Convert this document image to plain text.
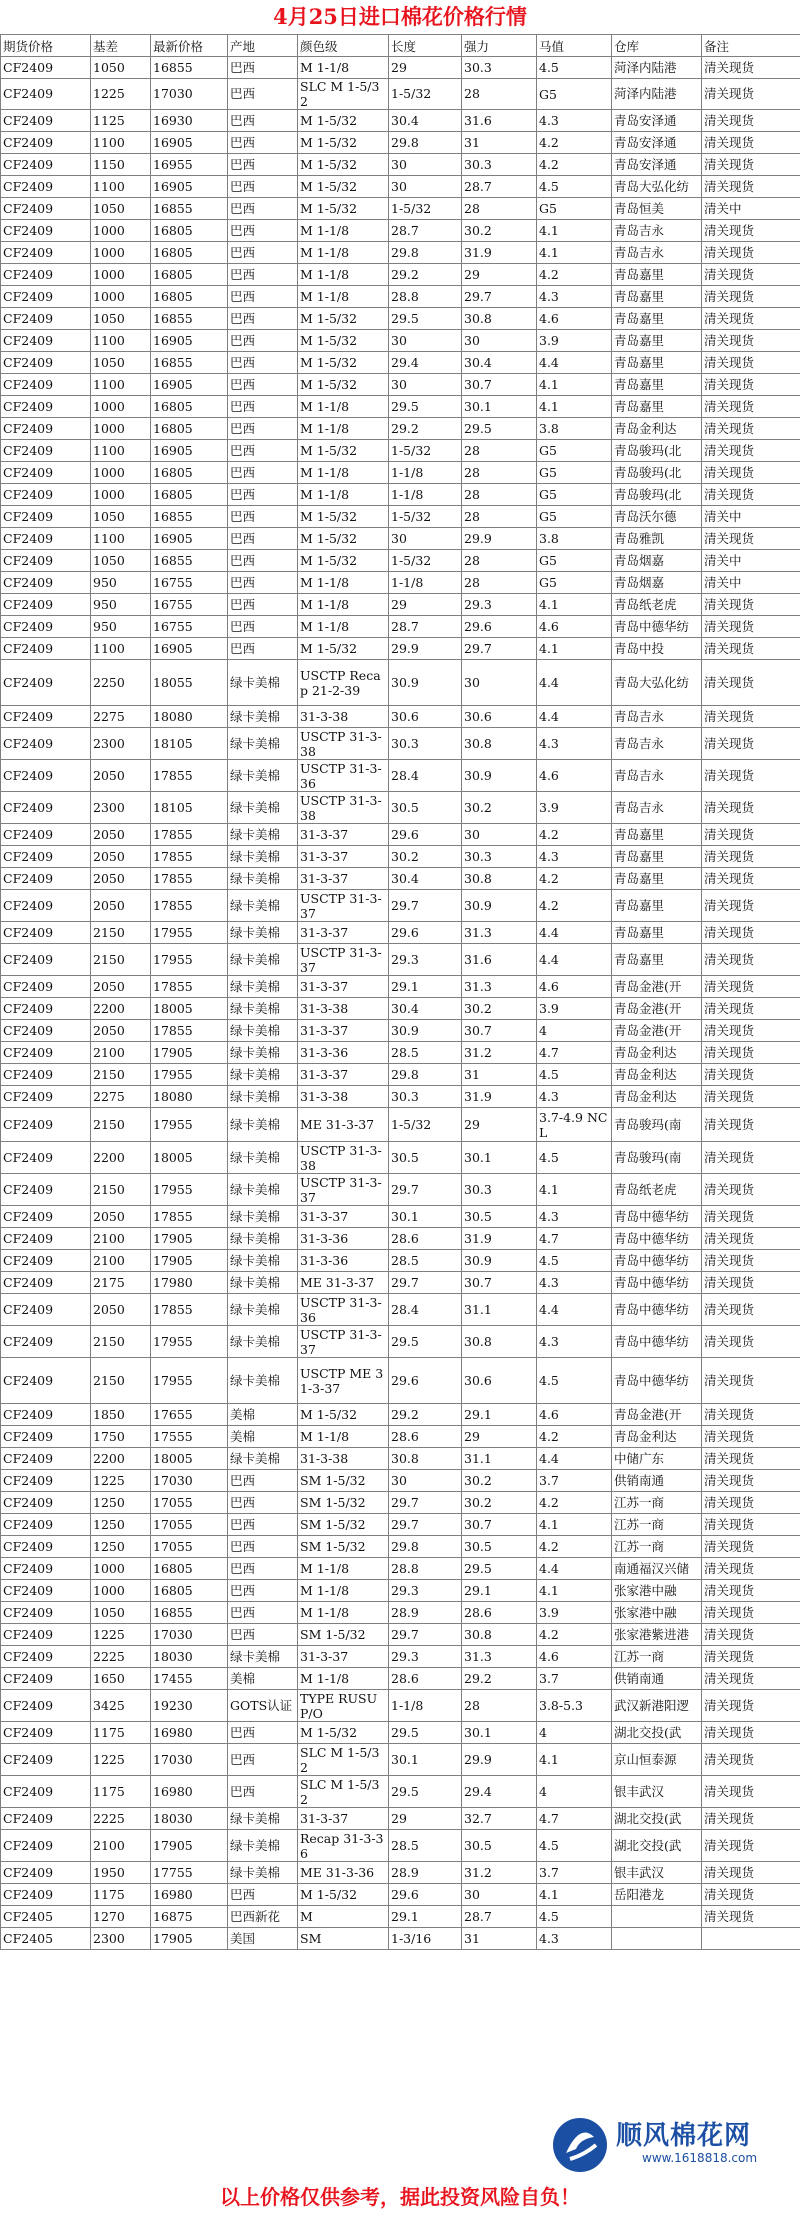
4月25日进口棉花价格行情
期货价格	基差	最新价格	产地	颜色级	长度	强力	马值	仓库	备注
CF2409	1050	16855	巴西	M 1-1/8	29	30.3	4.5	菏泽内陆港	清关现货
CF2409	1225	17030	巴西	SLC M 1-5/32	1-5/32	28	G5	菏泽内陆港	清关现货
CF2409	1125	16930	巴西	M 1-5/32	30.4	31.6	4.3	青岛安泽通	清关现货
CF2409	1100	16905	巴西	M 1-5/32	29.8	31	4.2	青岛安泽通	清关现货
CF2409	1150	16955	巴西	M 1-5/32	30	30.3	4.2	青岛安泽通	清关现货
CF2409	1100	16905	巴西	M 1-5/32	30	28.7	4.5	青岛大弘化纺	清关现货
CF2409	1050	16855	巴西	M 1-5/32	1-5/32	28	G5	青岛恒美	清关中
CF2409	1000	16805	巴西	M 1-1/8	28.7	30.2	4.1	青岛吉永	清关现货
CF2409	1000	16805	巴西	M 1-1/8	29.8	31.9	4.1	青岛吉永	清关现货
CF2409	1000	16805	巴西	M 1-1/8	29.2	29	4.2	青岛嘉里	清关现货
CF2409	1000	16805	巴西	M 1-1/8	28.8	29.7	4.3	青岛嘉里	清关现货
CF2409	1050	16855	巴西	M 1-5/32	29.5	30.8	4.6	青岛嘉里	清关现货
CF2409	1100	16905	巴西	M 1-5/32	30	30	3.9	青岛嘉里	清关现货
CF2409	1050	16855	巴西	M 1-5/32	29.4	30.4	4.4	青岛嘉里	清关现货
CF2409	1100	16905	巴西	M 1-5/32	30	30.7	4.1	青岛嘉里	清关现货
CF2409	1000	16805	巴西	M 1-1/8	29.5	30.1	4.1	青岛嘉里	清关现货
CF2409	1000	16805	巴西	M 1-1/8	29.2	29.5	3.8	青岛金利达	清关现货
CF2409	1100	16905	巴西	M 1-5/32	1-5/32	28	G5	青岛骏玛(北	清关现货
CF2409	1000	16805	巴西	M 1-1/8	1-1/8	28	G5	青岛骏玛(北	清关现货
CF2409	1000	16805	巴西	M 1-1/8	1-1/8	28	G5	青岛骏玛(北	清关现货
CF2409	1050	16855	巴西	M 1-5/32	1-5/32	28	G5	青岛沃尔德	清关中
CF2409	1100	16905	巴西	M 1-5/32	30	29.9	3.8	青岛雅凯	清关现货
CF2409	1050	16855	巴西	M 1-5/32	1-5/32	28	G5	青岛烟嘉	清关中
CF2409	950	16755	巴西	M 1-1/8	1-1/8	28	G5	青岛烟嘉	清关中
CF2409	950	16755	巴西	M 1-1/8	29	29.3	4.1	青岛纸老虎	清关现货
CF2409	950	16755	巴西	M 1-1/8	28.7	29.6	4.6	青岛中德华纺	清关现货
CF2409	1100	16905	巴西	M 1-5/32	29.9	29.7	4.1	青岛中投	清关现货
CF2409	2250	18055	绿卡美棉	USCTP Recap 21-2-39	30.9	30	4.4	青岛大弘化纺	清关现货
CF2409	2275	18080	绿卡美棉	31-3-38	30.6	30.6	4.4	青岛吉永	清关现货
CF2409	2300	18105	绿卡美棉	USCTP 31-3-38	30.3	30.8	4.3	青岛吉永	清关现货
CF2409	2050	17855	绿卡美棉	USCTP 31-3-36	28.4	30.9	4.6	青岛吉永	清关现货
CF2409	2300	18105	绿卡美棉	USCTP 31-3-38	30.5	30.2	3.9	青岛吉永	清关现货
CF2409	2050	17855	绿卡美棉	31-3-37	29.6	30	4.2	青岛嘉里	清关现货
CF2409	2050	17855	绿卡美棉	31-3-37	30.2	30.3	4.3	青岛嘉里	清关现货
CF2409	2050	17855	绿卡美棉	31-3-37	30.4	30.8	4.2	青岛嘉里	清关现货
CF2409	2050	17855	绿卡美棉	USCTP 31-3-37	29.7	30.9	4.2	青岛嘉里	清关现货
CF2409	2150	17955	绿卡美棉	31-3-37	29.6	31.3	4.4	青岛嘉里	清关现货
CF2409	2150	17955	绿卡美棉	USCTP 31-3-37	29.3	31.6	4.4	青岛嘉里	清关现货
CF2409	2050	17855	绿卡美棉	31-3-37	29.1	31.3	4.6	青岛金港(开	清关现货
CF2409	2200	18005	绿卡美棉	31-3-38	30.4	30.2	3.9	青岛金港(开	清关现货
CF2409	2050	17855	绿卡美棉	31-3-37	30.9	30.7	4	青岛金港(开	清关现货
CF2409	2100	17905	绿卡美棉	31-3-36	28.5	31.2	4.7	青岛金利达	清关现货
CF2409	2150	17955	绿卡美棉	31-3-37	29.8	31	4.5	青岛金利达	清关现货
CF2409	2275	18080	绿卡美棉	31-3-38	30.3	31.9	4.3	青岛金利达	清关现货
CF2409	2150	17955	绿卡美棉	ME 31-3-37	1-5/32	29	3.7-4.9 NCL	青岛骏玛(南	清关现货
CF2409	2200	18005	绿卡美棉	USCTP 31-3-38	30.5	30.1	4.5	青岛骏玛(南	清关现货
CF2409	2150	17955	绿卡美棉	USCTP 31-3-37	29.7	30.3	4.1	青岛纸老虎	清关现货
CF2409	2050	17855	绿卡美棉	31-3-37	30.1	30.5	4.3	青岛中德华纺	清关现货
CF2409	2100	17905	绿卡美棉	31-3-36	28.6	31.9	4.7	青岛中德华纺	清关现货
CF2409	2100	17905	绿卡美棉	31-3-36	28.5	30.9	4.5	青岛中德华纺	清关现货
CF2409	2175	17980	绿卡美棉	ME 31-3-37	29.7	30.7	4.3	青岛中德华纺	清关现货
CF2409	2050	17855	绿卡美棉	USCTP 31-3-36	28.4	31.1	4.4	青岛中德华纺	清关现货
CF2409	2150	17955	绿卡美棉	USCTP 31-3-37	29.5	30.8	4.3	青岛中德华纺	清关现货
CF2409	2150	17955	绿卡美棉	USCTP ME 31-3-37	29.6	30.6	4.5	青岛中德华纺	清关现货
CF2409	1850	17655	美棉	M 1-5/32	29.2	29.1	4.6	青岛金港(开	清关现货
CF2409	1750	17555	美棉	M 1-1/8	28.6	29	4.2	青岛金利达	清关现货
CF2409	2200	18005	绿卡美棉	31-3-38	30.8	31.1	4.4	中储广东	清关现货
CF2409	1225	17030	巴西	SM 1-5/32	30	30.2	3.7	供销南通	清关现货
CF2409	1250	17055	巴西	SM 1-5/32	29.7	30.2	4.2	江苏一商	清关现货
CF2409	1250	17055	巴西	SM 1-5/32	29.7	30.7	4.1	江苏一商	清关现货
CF2409	1250	17055	巴西	SM 1-5/32	29.8	30.5	4.2	江苏一商	清关现货
CF2409	1000	16805	巴西	M 1-1/8	28.8	29.5	4.4	南通福汉兴储	清关现货
CF2409	1000	16805	巴西	M 1-1/8	29.3	29.1	4.1	张家港中融	清关现货
CF2409	1050	16855	巴西	M 1-1/8	28.9	28.6	3.9	张家港中融	清关现货
CF2409	1225	17030	巴西	SM 1-5/32	29.7	30.8	4.2	张家港紫进港	清关现货
CF2409	2225	18030	绿卡美棉	31-3-37	29.3	31.3	4.6	江苏一商	清关现货
CF2409	1650	17455	美棉	M 1-1/8	28.6	29.2	3.7	供销南通	清关现货
CF2409	3425	19230	GOTS认证	TYPE RUSUP/O	1-1/8	28	3.8-5.3	武汉新港阳逻	清关现货
CF2409	1175	16980	巴西	M 1-5/32	29.5	30.1	4	湖北交投(武	清关现货
CF2409	1225	17030	巴西	SLC M 1-5/32	30.1	29.9	4.1	京山恒泰源	清关现货
CF2409	1175	16980	巴西	SLC M 1-5/32	29.5	29.4	4	银丰武汉	清关现货
CF2409	2225	18030	绿卡美棉	31-3-37	29	32.7	4.7	湖北交投(武	清关现货
CF2409	2100	17905	绿卡美棉	Recap 31-3-36	28.5	30.5	4.5	湖北交投(武	清关现货
CF2409	1950	17755	绿卡美棉	ME 31-3-36	28.9	31.2	3.7	银丰武汉	清关现货
CF2409	1175	16980	巴西	M 1-5/32	29.6	30	4.1	岳阳港龙	清关现货
CF2405	1270	16875	巴西新花	M	29.1	28.7	4.5		清关现货
CF2405	2300	17905	美国	SM	1-3/16	31	4.3		
顺风棉花网
www.1618818.com
以上价格仅供参考，据此投资风险自负！
